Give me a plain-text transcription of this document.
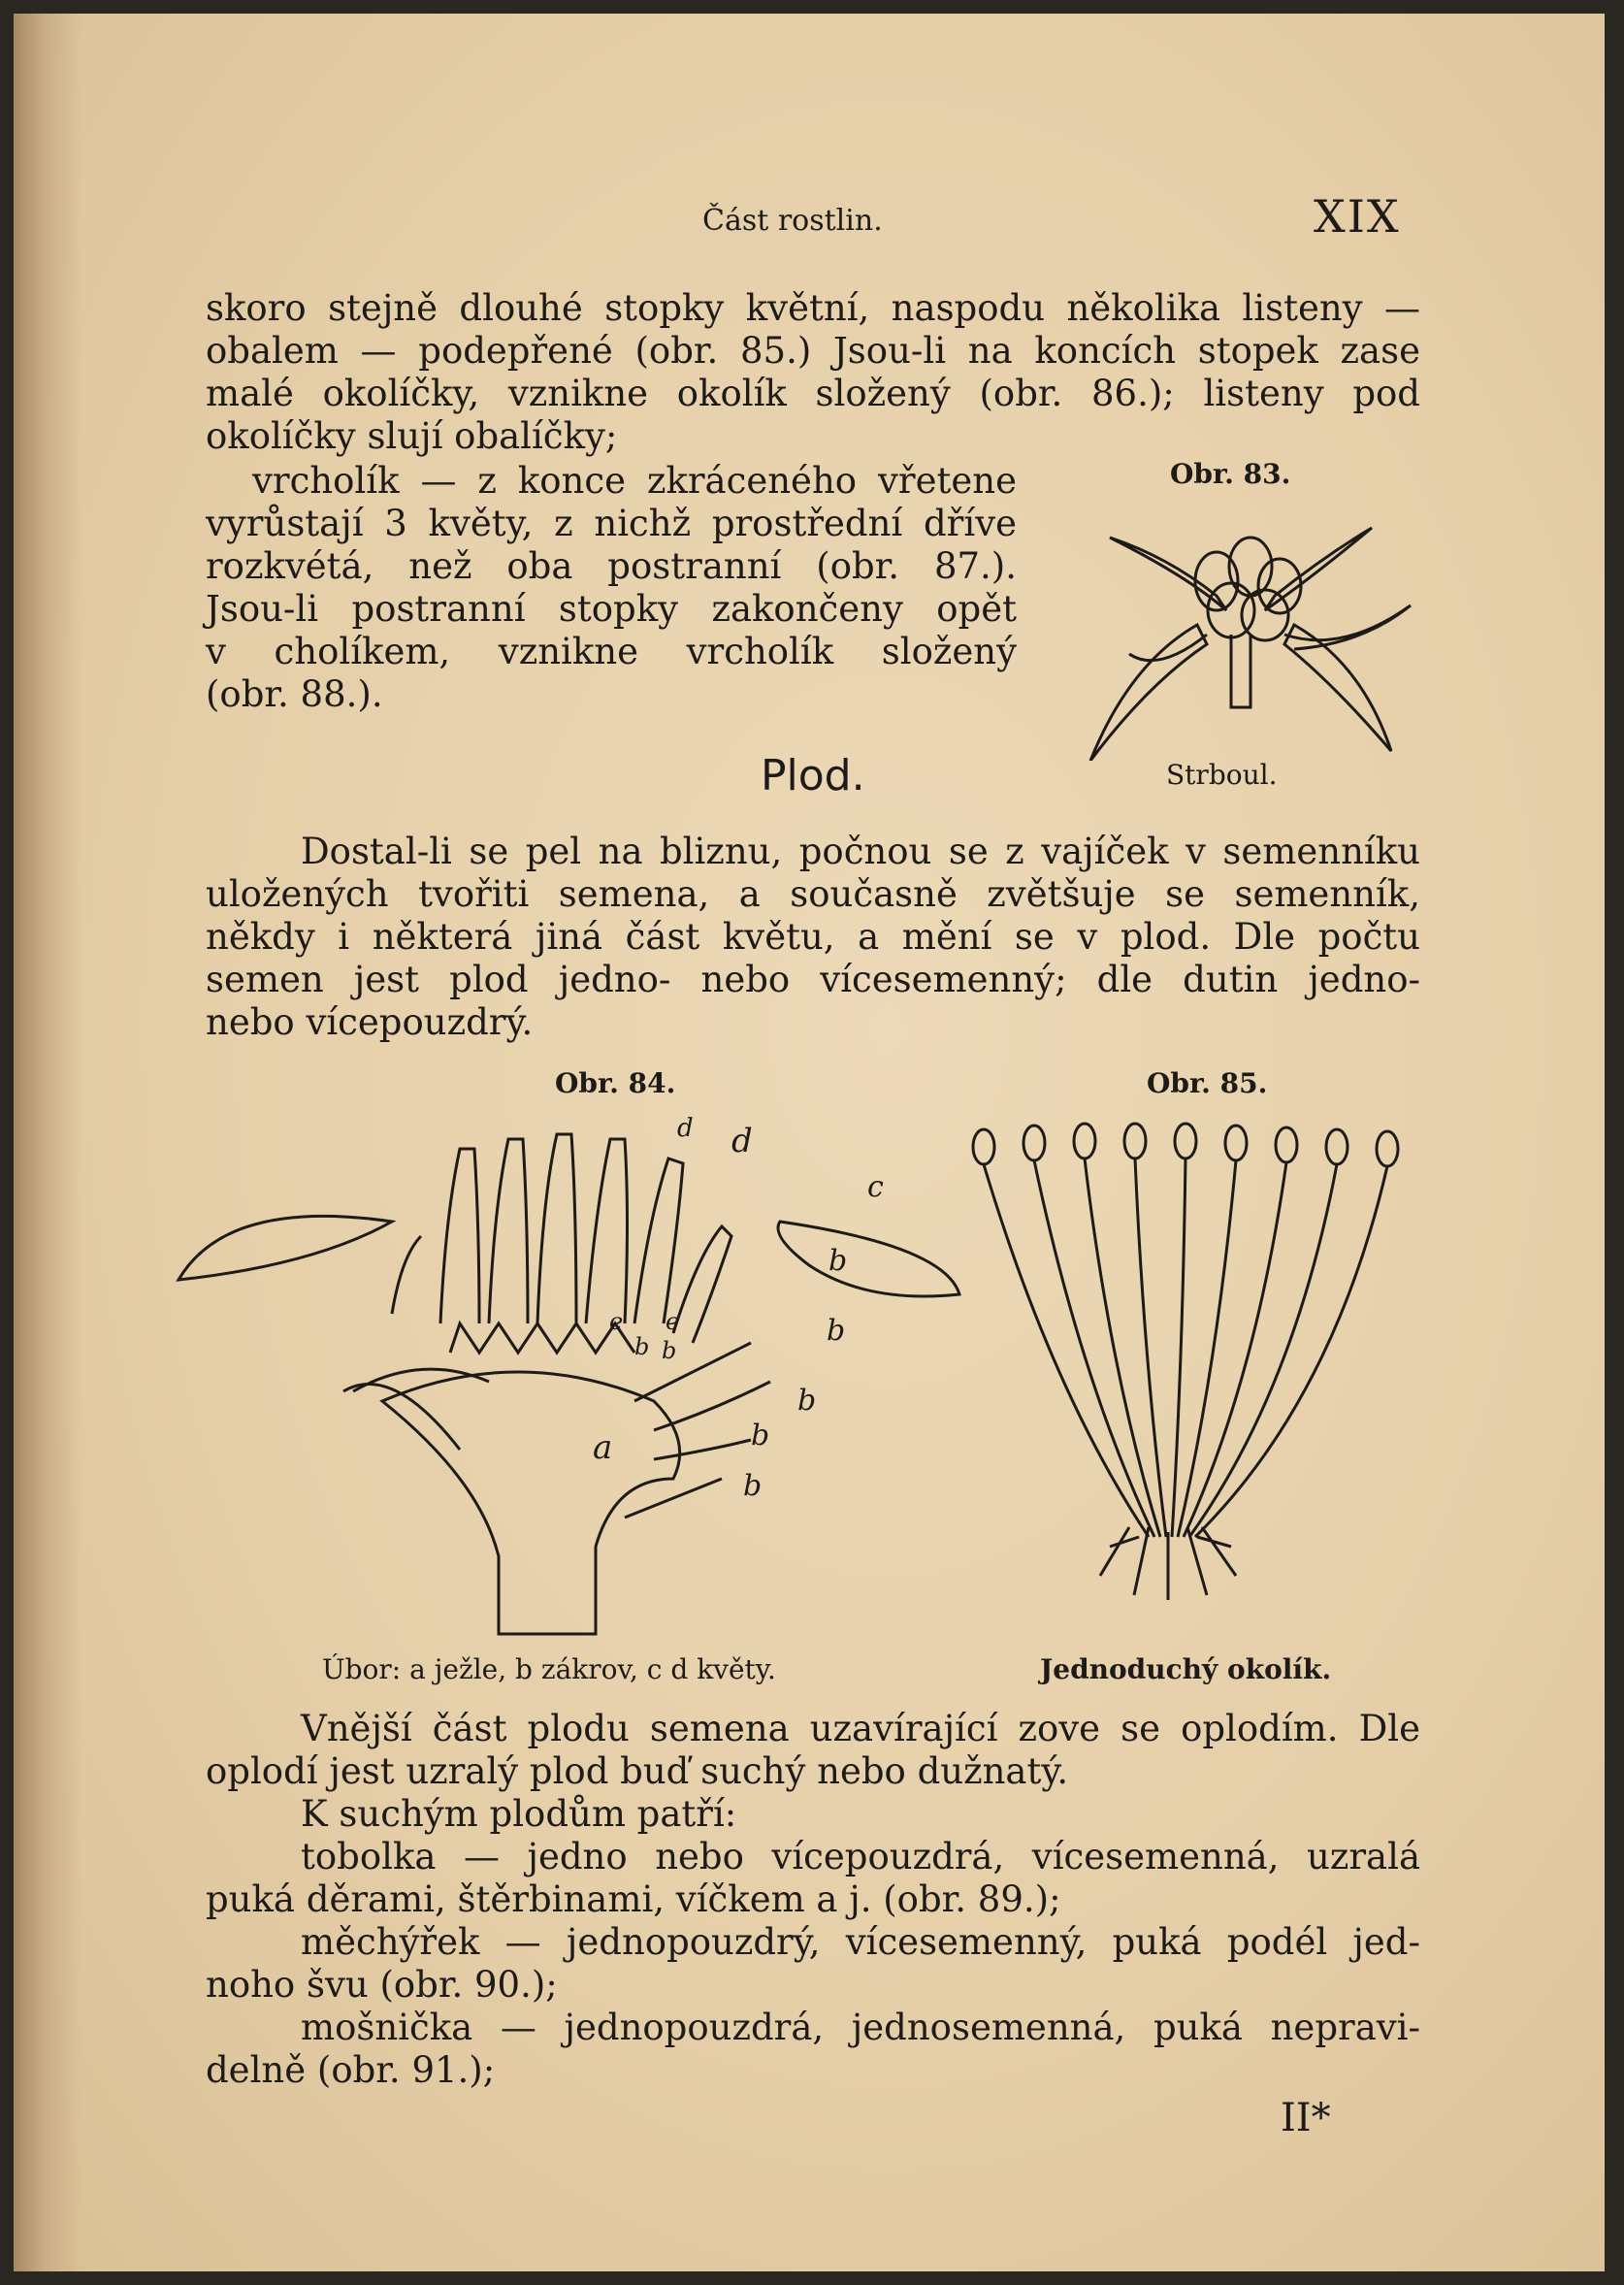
Část rostlin.	XIX
skoro stejně dlouhé stopky květní, naspodu několika listeny —
obalem — podepřené (obr. 85.) Jsou-li na koncích stopek zase
malé okolíčky, vznikne okolík složený (obr. 86.); listeny pod
okolíčky slují obalíčky;
vrcholík — z konce zkráceného vřetene
vyrůstají 3 květy, z nichž prostřední dříve
rozkvétá, než oba postranní (obr. 87.).
Jsou-li postranní stopky zakončeny opět
v cholíkem, vznikne vrcholík složený
(obr. 88.).
Obr. 83.
Strboul.
Plod.
Dostal-li se pel na bliznu, počnou se z vajíček v semenníku
uložených tvořiti semena, a současně zvětšuje se semenník,
někdy i některá jiná část květu, a mění se v plod. Dle počtu
semen jest plod jedno- nebo vícesemenný; dle dutin jedno-
nebo vícepouzdrý.
Obr. 84.
a
b
b
b
b
b
c
d
e e
b b
d
Úbor: a ježle, b zákrov, c d květy.
Obr. 85.
Jednoduchý okolík.
Vnější část plodu semena uzavírající zove se oplodím. Dle
oplodí jest uzralý plod buď suchý nebo dužnatý.
K suchým plodům patří:
tobolka — jedno nebo vícepouzdrá, vícesemenná, uzralá
puká děrami, štěrbinami, víčkem a j. (obr. 89.);
měchýřek — jednopouzdrý, vícesemenný, puká podél jed-
noho švu (obr. 90.);
mošnička — jednopouzdrá, jednosemenná, puká nepravi-
delně (obr. 91.);
II*
